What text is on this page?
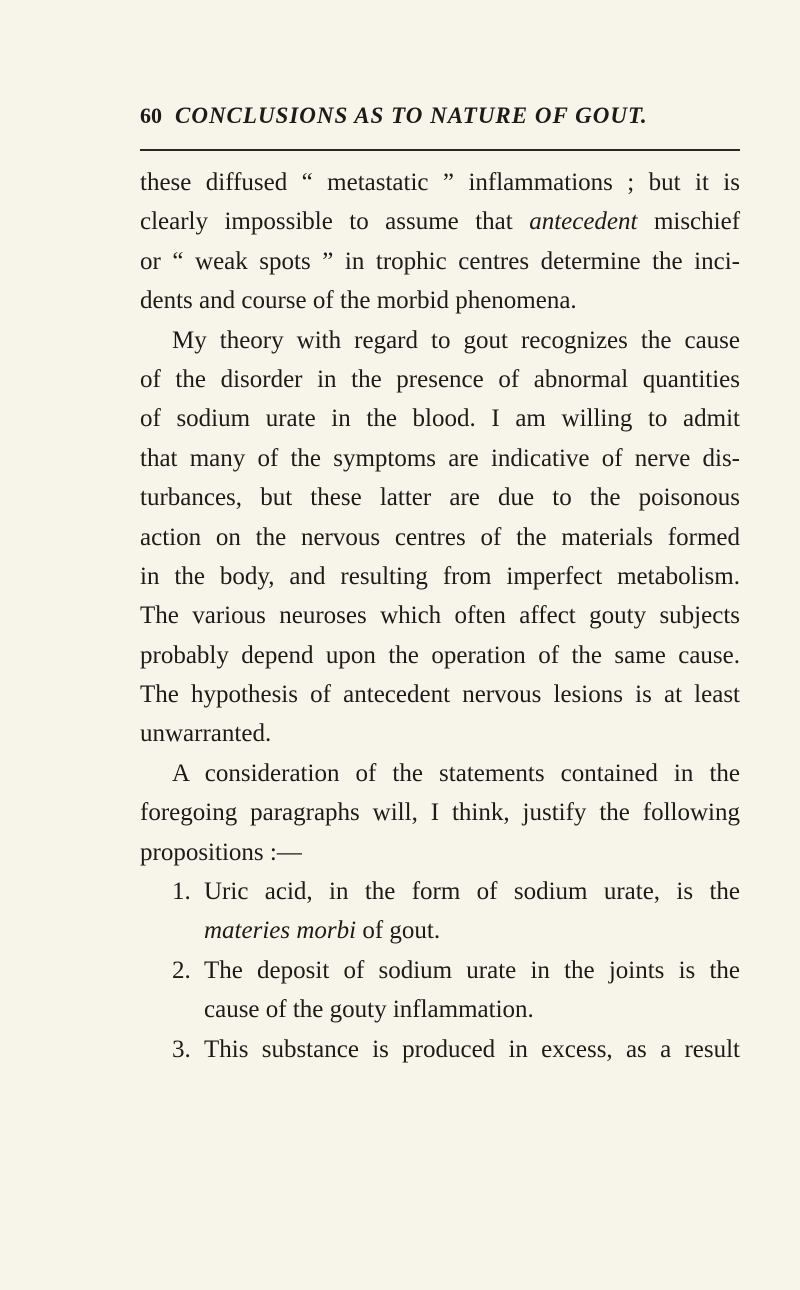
60 CONCLUSIONS AS TO NATURE OF GOUT.
these diffused “ metastatic ” inflammations ; but it is
clearly impossible to assume that antecedent mischief
or “ weak spots ” in trophic centres determine the inci-
dents and course of the morbid phenomena.
My theory with regard to gout recognizes the cause
of the disorder in the presence of abnormal quantities
of sodium urate in the blood. I am willing to admit
that many of the symptoms are indicative of nerve dis-
turbances, but these latter are due to the poisonous
action on the nervous centres of the materials formed
in the body, and resulting from imperfect metabolism.
The various neuroses which often affect gouty subjects
probably depend upon the operation of the same cause.
The hypothesis of antecedent nervous lesions is at least
unwarranted.
A consideration of the statements contained in the
foregoing paragraphs will, I think, justify the following
propositions :—
1. Uric acid, in the form of sodium urate, is the
materies morbi of gout.
2. The deposit of sodium urate in the joints is the
cause of the gouty inflammation.
3. This substance is produced in excess, as a result
